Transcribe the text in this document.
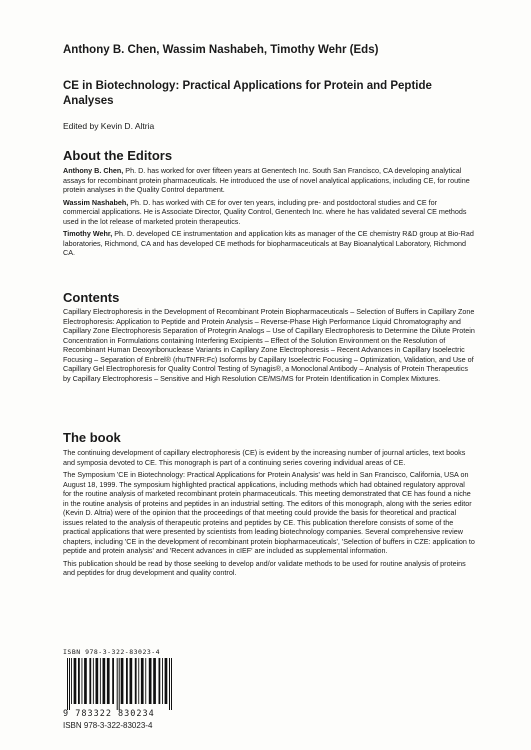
Anthony B. Chen, Wassim Nashabeh, Timothy Wehr (Eds)
CE in Biotechnology: Practical Applications for Protein and Peptide Analyses
Edited by Kevin D. Altria
About the Editors

Anthony B. Chen, Ph. D. has worked for over fifteen years at Genentech Inc. South San Francisco, CA developing analytical assays for recombinant protein pharmaceuticals. He introduced the use of novel analytical applications, including CE, for routine protein analyses in the Quality Control department.

Wassim Nashabeh, Ph. D. has worked with CE for over ten years, including pre- and postdoctoral studies and CE for commercial applications. He is Associate Director, Quality Control, Genentech Inc. where he has validated several CE methods used in the lot release of marketed protein therapeutics.

Timothy Wehr, Ph. D. developed CE instrumentation and application kits as manager of the CE chemistry R&D group at Bio-Rad laboratories, Richmond, CA and has developed CE methods for biopharmaceuticals at Bay Bioanalytical Laboratory, Richmond CA.

Contents

Capillary Electrophoresis in the Development of Recombinant Protein Biopharmaceuticals – Selection of Buffers in Capillary Zone Electrophoresis: Application to Peptide and Protein Analysis – Reverse-Phase High Performance Liquid Chromatography and Capillary Zone Electrophoresis Separation of Protegrin Analogs – Use of Capillary Electrophoresis to Determine the Dilute Protein Concentration in Formulations containing Interfering Excipients – Effect of the Solution Environment on the Resolution of Recombinant Human Deoxyribonuclease Variants in Capillary Zone Electrophoresis – Recent Advances in Capillary Isoelectric Focusing – Separation of Enbrel® (rhuTNFR:Fc) Isoforms by Capillary Isoelectric Focusing – Optimization, Validation, and Use of Capillary Gel Electrophoresis for Quality Control Testing of Synagis®, a Monoclonal Antibody – Analysis of Protein Therapeutics by Capillary Electrophoresis – Sensitive and High Resolution CE/MS/MS for Protein Identification in Complex Mixtures.

The book

The continuing development of capillary electrophoresis (CE) is evident by the increasing number of journal articles, text books and symposia devoted to CE. This monograph is part of a continuing series covering individual areas of CE.

The Symposium 'CE in Biotechnology: Practical Applications for Protein Analysis' was held in San Francisco, California, USA on August 18, 1999. The symposium highlighted practical applications, including methods which had obtained regulatory approval for the routine analysis of marketed recombinant protein pharmaceuticals. This meeting demonstrated that CE has found a niche in the routine analysis of proteins and peptides in an industrial setting. The editors of this monograph, along with the series editor (Kevin D. Altria) were of the opinion that the proceedings of that meeting could provide the basis for theoretical and practical issues related to the analysis of therapeutic proteins and peptides by CE. This publication therefore consists of some of the practical applications that were presented by scientists from leading biotechnology companies. Several comprehensive review chapters, including 'CE in the development of recombinant protein biopharmaceuticals', 'Selection of buffers in CZE: application to peptide and protein analysis' and 'Recent advances in cIEF' are included as supplemental information.

This publication should be read by those seeking to develop and/or validate methods to be used for routine analysis of proteins and peptides for drug development and quality control.

ISBN 978-3-322-83023-4
9 783322 830234
ISBN 978-3-322-83023-4
